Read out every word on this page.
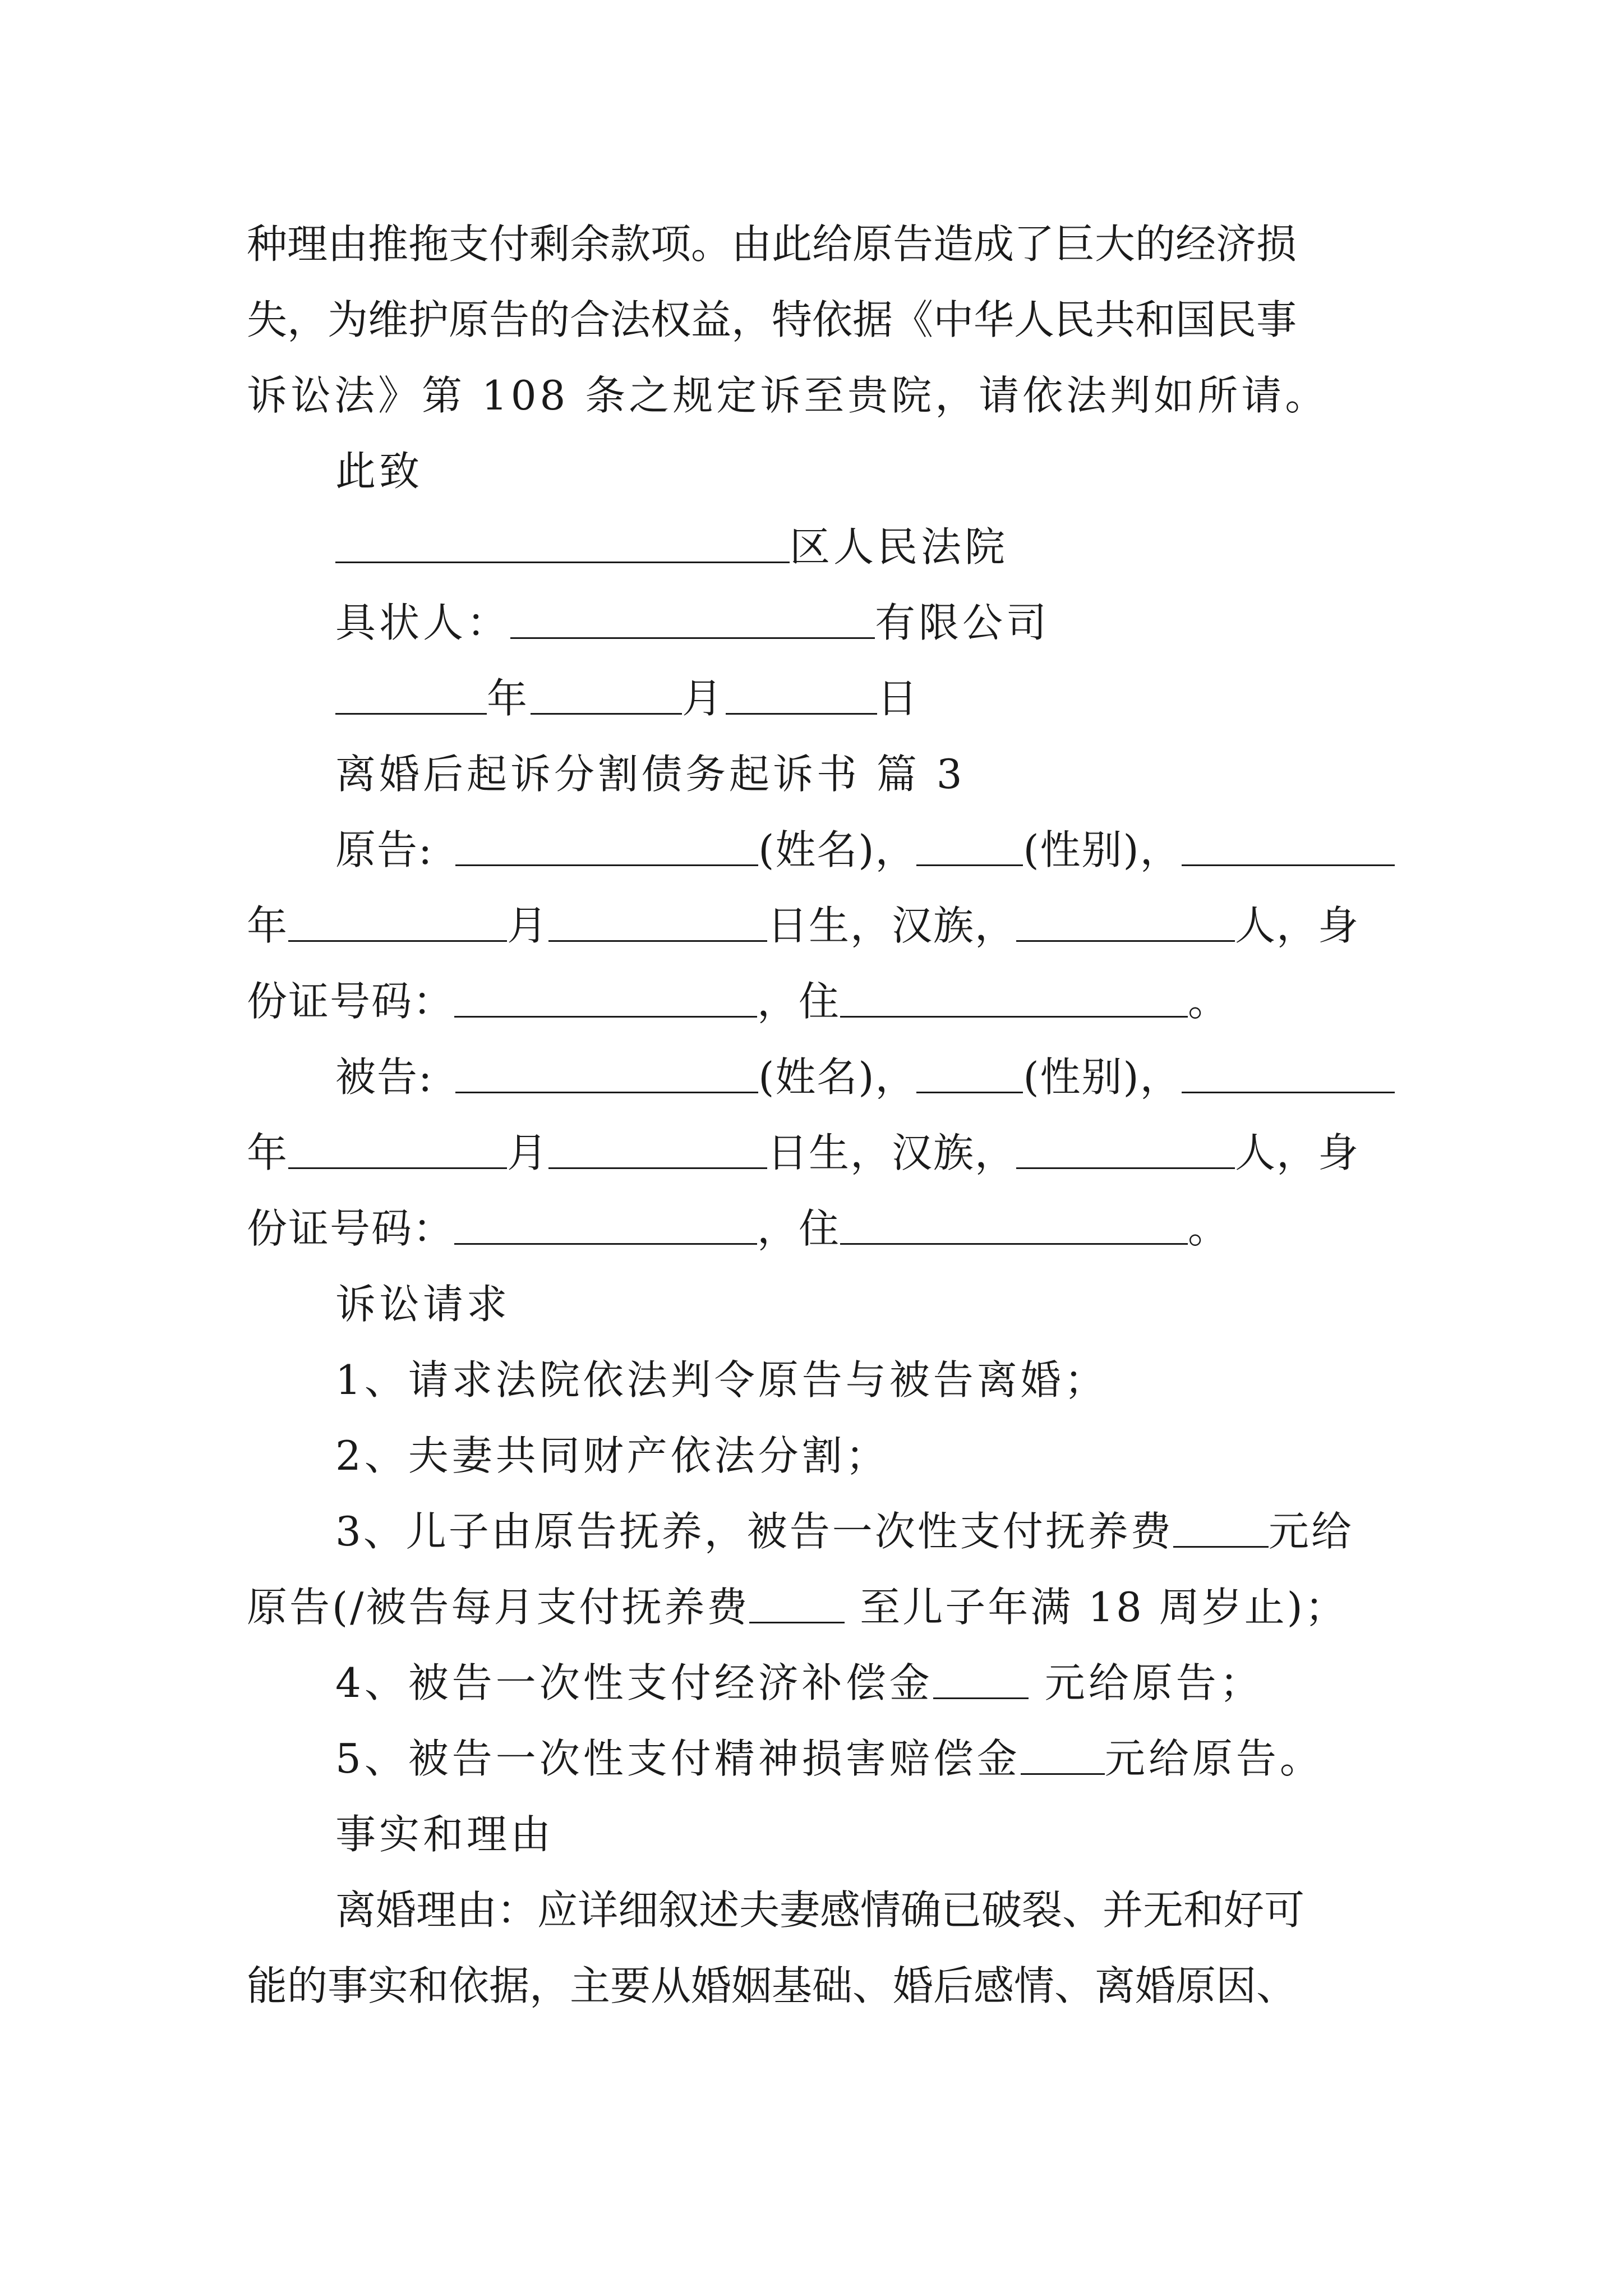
种理由推拖支付剩余款项。由此给原告造成了巨大的经济损
失，为维护原告的合法权益，特依据《中华人民共和国民事
诉讼法》第 108 条之规定诉至贵院，请依法判如所请。
此致
区人民法院
具状人：	有限公司
年	月	日
离婚后起诉分割债务起诉书 篇 3
原告:	(姓名)，	(性别)，
年	月	日生，汉族，	人，身
份证号码：	，住	。
被告:	(姓名)，	(性别)，
年	月	日生，汉族，	人，身
份证号码：	，住	。
诉讼请求
1、请求法院依法判令原告与被告离婚；
2、夫妻共同财产依法分割；
3、儿子由原告抚养，被告一次性支付抚养费 元给
原告(/被告每月支付抚养费 至儿子年满 18 周岁止)；
4、被告一次性支付经济补偿金 元给原告；
5、被告一次性支付精神损害赔偿金 元给原告。
事实和理由
离婚理由：应详细叙述夫妻感情确已破裂、并无和好可
能的事实和依据，主要从婚姻基础、婚后感情、离婚原因、
